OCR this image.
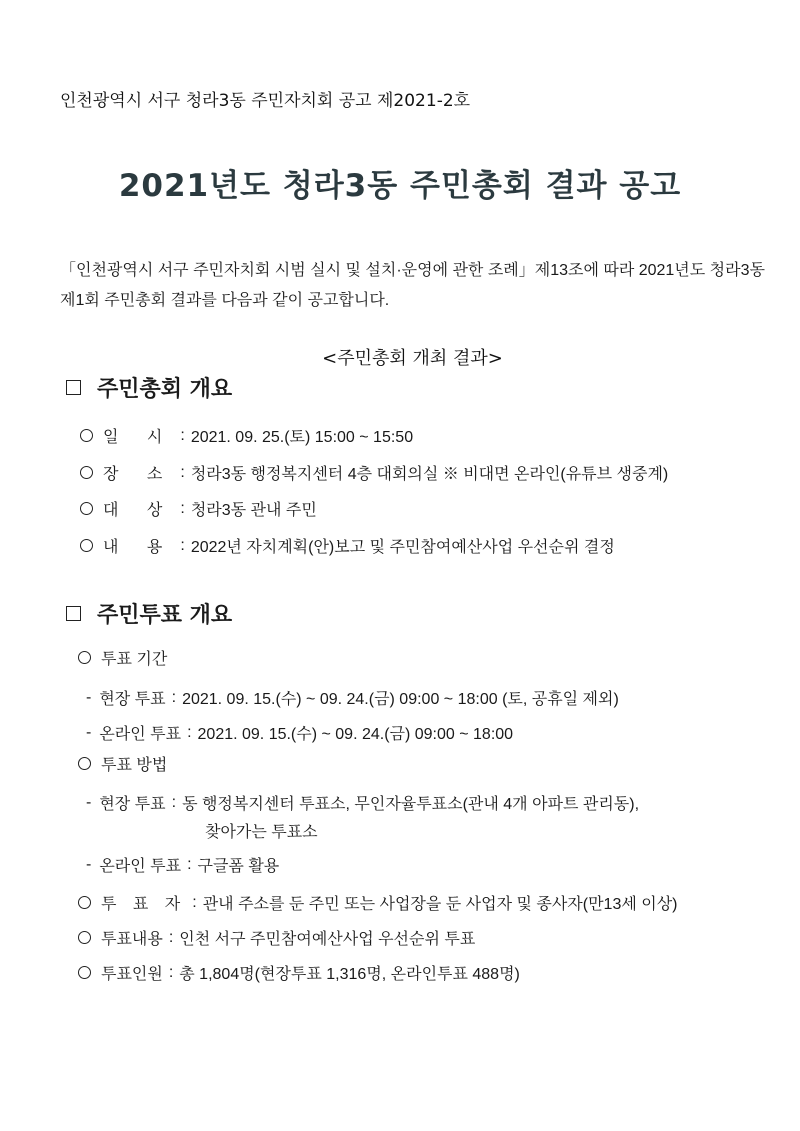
인천광역시 서구 청라3동 주민자치회 공고 제2021-2호
2021년도 청라3동 주민총회 결과 공고
「인천광역시 서구 주민자치회 시범 실시 및 설치·운영에 관한 조례」제13조에 따라 2021년도 청라3동 제1회 주민총회 결과를 다음과 같이 공고합니다.
<주민총회 개최 결과>
주민총회 개요
일 시 : 2021. 09. 25.(토) 15:00 ~ 15:50
장 소 : 청라3동 행정복지센터 4층 대회의실 ※ 비대면 온라인(유튜브 생중계)
대 상 : 청라3동 관내 주민
내 용 : 2022년 자치계획(안)보고 및 주민참여예산사업 우선순위 결정
주민투표 개요
투표 기간
- 현장 투표 : 2021. 09. 15.(수) ~ 09. 24.(금) 09:00 ~ 18:00 (토, 공휴일 제외)
- 온라인 투표 : 2021. 09. 15.(수) ~ 09. 24.(금) 09:00 ~ 18:00
투표 방법
- 현장 투표 : 동 행정복지센터 투표소, 무인자율투표소(관내 4개 아파트 관리동),
찾아가는 투표소
- 온라인 투표 : 구글폼 활용
투 표 자 : 관내 주소를 둔 주민 또는 사업장을 둔 사업자 및 종사자(만13세 이상)
투표내용 : 인천 서구 주민참여예산사업 우선순위 투표
투표인원 : 총 1,804명(현장투표 1,316명, 온라인투표 488명)
